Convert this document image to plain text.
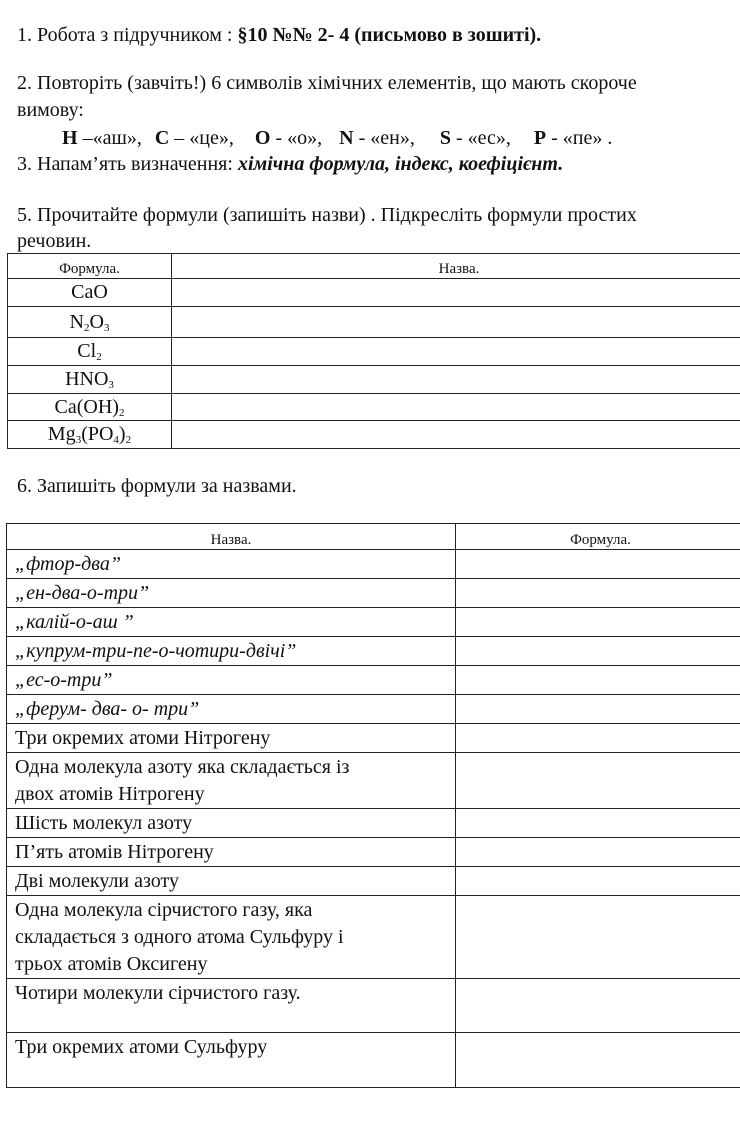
1. Робота з підручником : §10 №№ 2- 4 (письмово в зошиті).
2. Повторіть (завчіть!) 6 символів хімічних елементів, що мають скороче
вимову:
H –«аш», C – «це», O - «о», N - «ен», S - «ес», P - «пе» .
3. Напам’ять визначення: хімічна формула, індекс, коефіцієнт.
5. Прочитайте формули (запишіть назви) . Підкресліть формули простих
речовин.
Формула.	Назва.
CaO	
$N_2O_3$	
$Cl_2$	
$HNO_3$	
$Ca(OH)_2$	
$Mg_3(PO_4)_2$	
6. Запишіть формули за назвами.
Назва.	Формула.

„фтор-два”	

„ен-два-о-три”	

„калій-о-аш ”	

„купрум-три-пе-о-чотири-двічі”	

„ес-о-три”	

„ферум- два- о- три”	

Три окремих атоми Нітрогену	

Одна молекула азоту яка складається із
двох атомів Нітрогену	

Шість молекул азоту	

П’ять атомів Нітрогену	

Дві молекули азоту	

Одна молекула сірчистого газу, яка
складається з одного атома Сульфуру і
трьох атомів Оксигену	

Чотири молекули сірчистого газу.	

Три окремих атоми Сульфуру	
